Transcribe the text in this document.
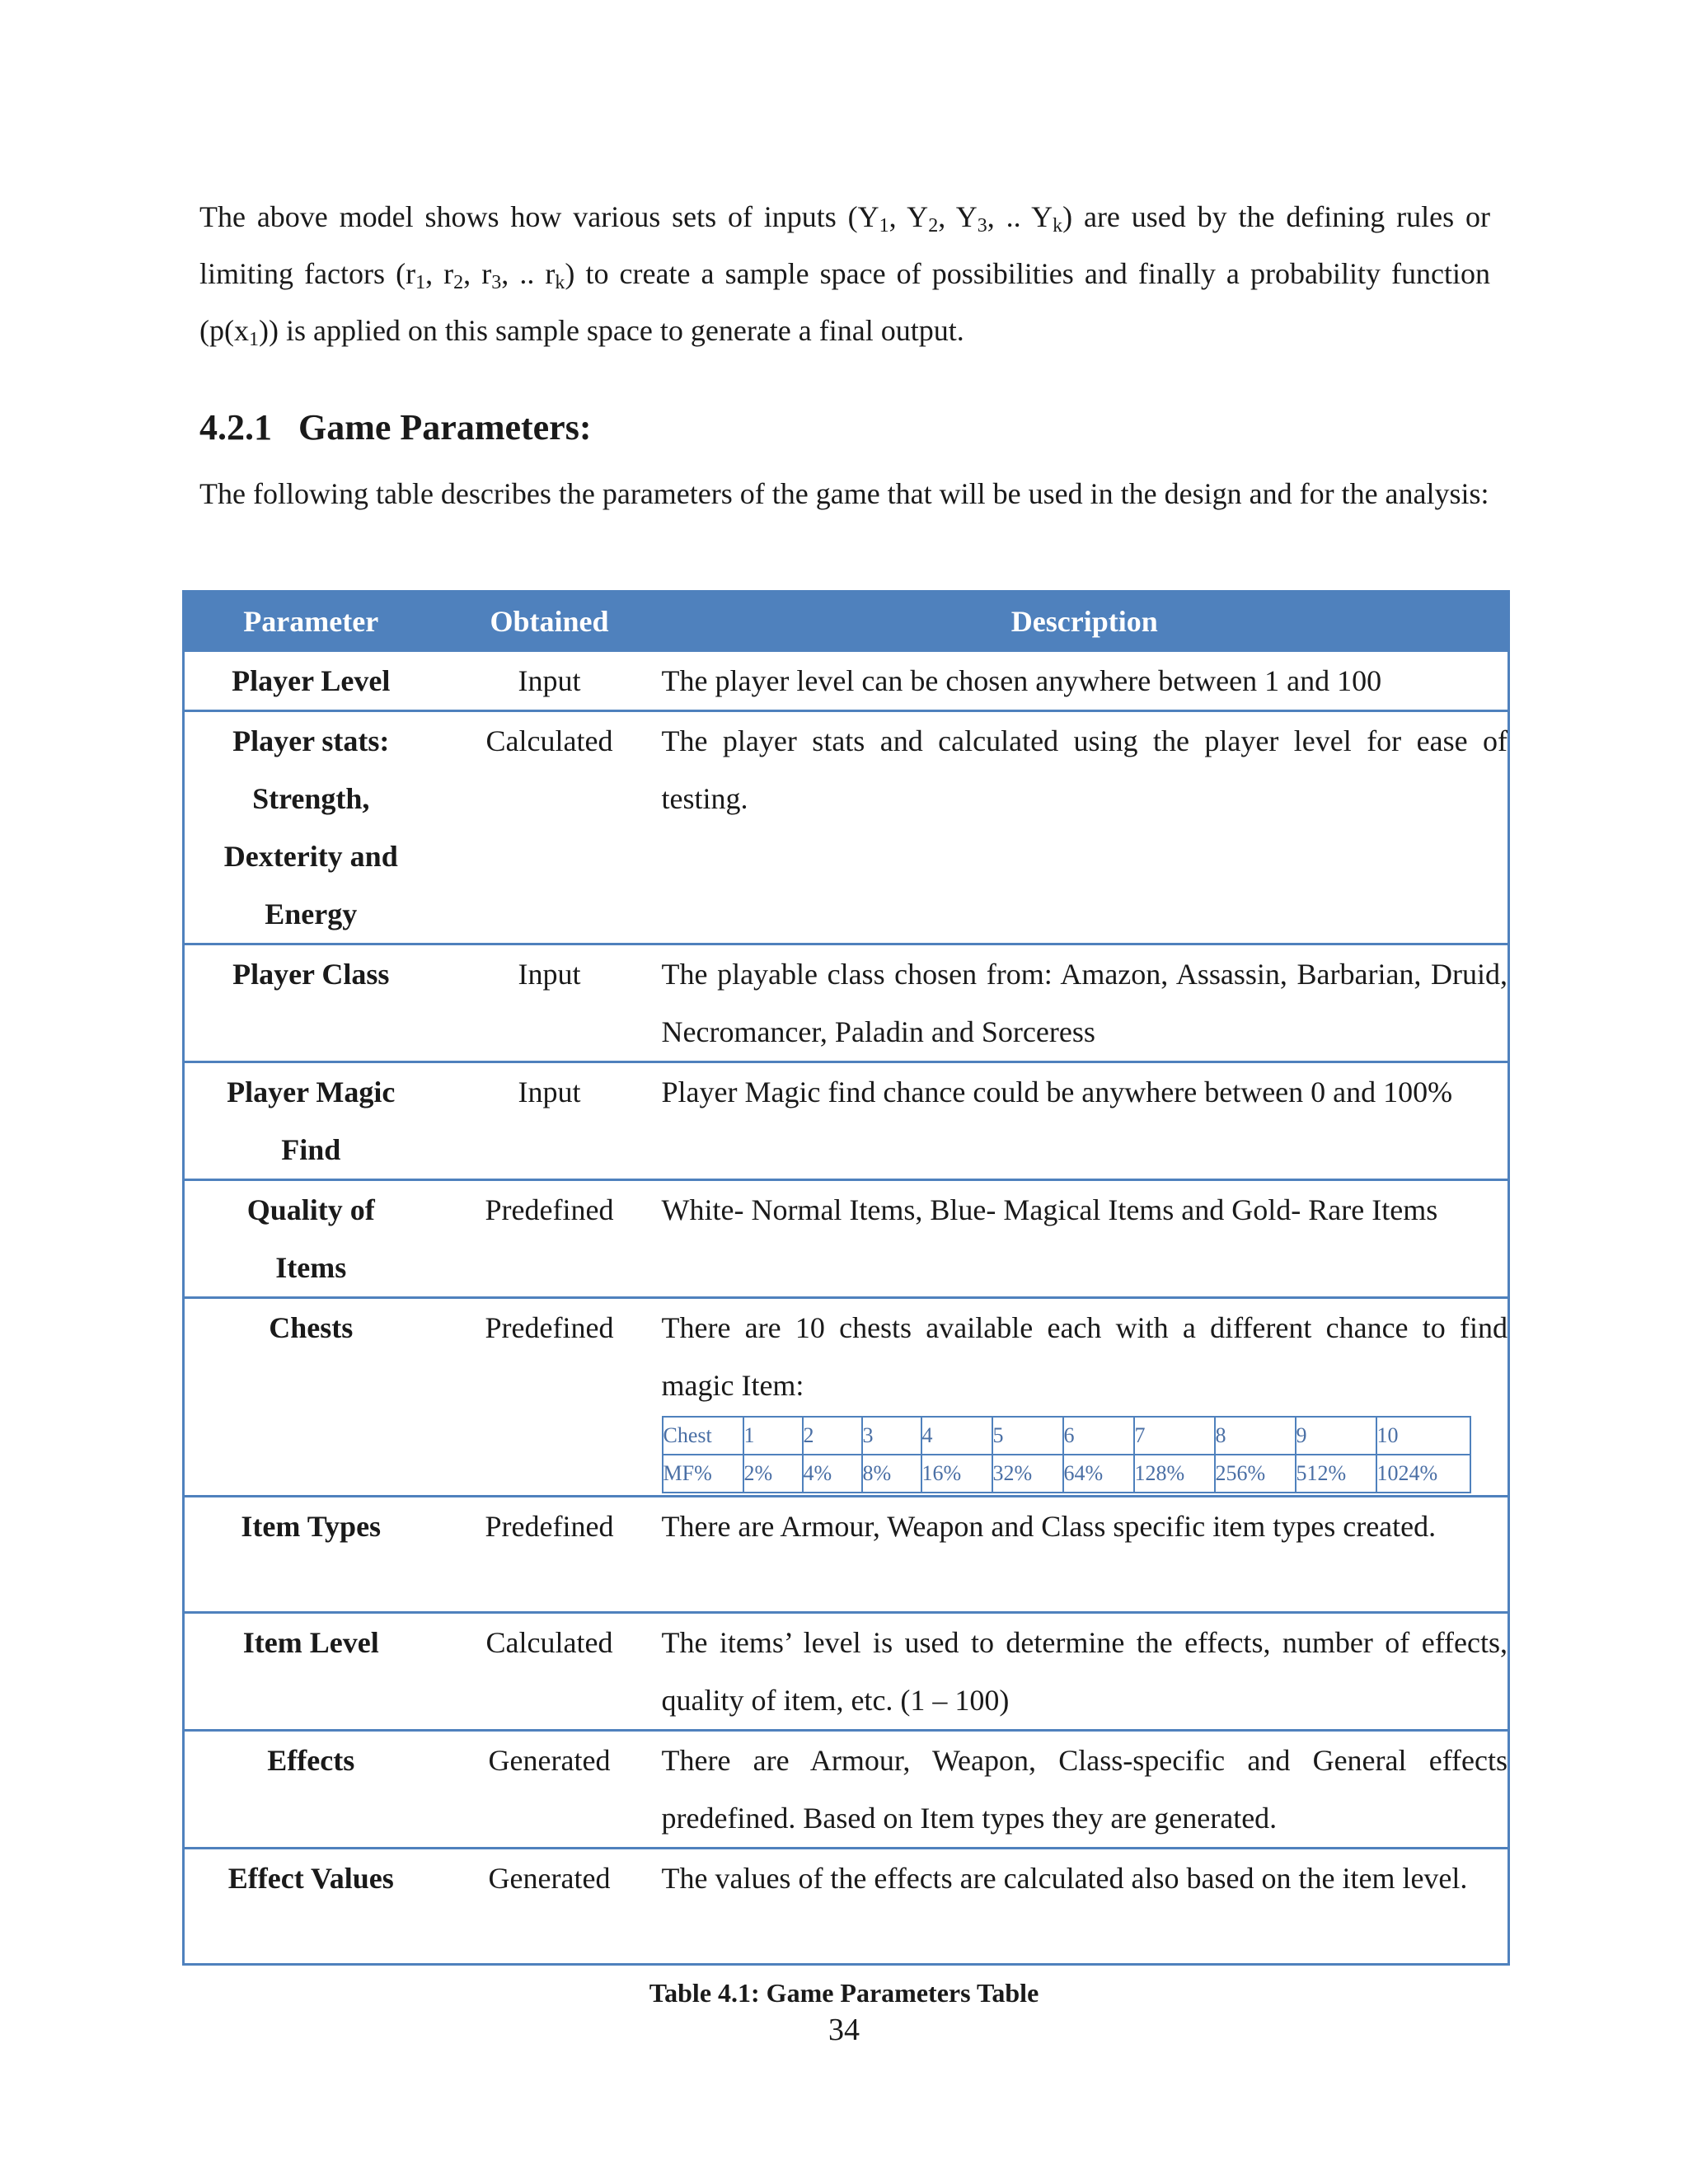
The above model shows how various sets of inputs ($Y_1$, $Y_2$, $Y_3$, .. $Y_k$) are used by the defining rules or limiting factors ($r_1$, $r_2$, $r_3$, .. $r_k$) to create a sample space of possibilities and finally a probability function $(p(x_1))$ is applied on this sample space to generate a final output.

4.2.1 Game Parameters:

The following table describes the parameters of the game that will be used in the design and for the analysis:

Parameter	Obtained	Description
Player Level	Input	The player level can be chosen anywhere between 1 and 100
Player stats: Strength, Dexterity and Energy	Calculated	The player stats and calculated using the player level for ease of testing.
Player Class	Input	The playable class chosen from: Amazon, Assassin, Barbarian, Druid, Necromancer, Paladin and Sorceress
Player Magic Find	Input	Player Magic find chance could be anywhere between 0 and 100%
Quality of Items	Predefined	White- Normal Items, Blue- Magical Items and Gold- Rare Items
Chests	Predefined	There are 10 chests available each with a different chance to find magic Item:
Chest	1	2	3	4	5	6	7	8	9	10
MF%	2%	4%	8%	16%	32%	64%	128%	256%	512%	1024%

Item Types	Predefined	There are Armour, Weapon and Class specific item types created.
Item Level	Calculated	The items’ level is used to determine the effects, number of effects, quality of item, etc. (1 – 100)
Effects	Generated	There are Armour, Weapon, Class-specific and General effects predefined. Based on Item types they are generated.
Effect Values	Generated	The values of the effects are calculated also based on the item level.
Table 4.1: Game Parameters Table
34
